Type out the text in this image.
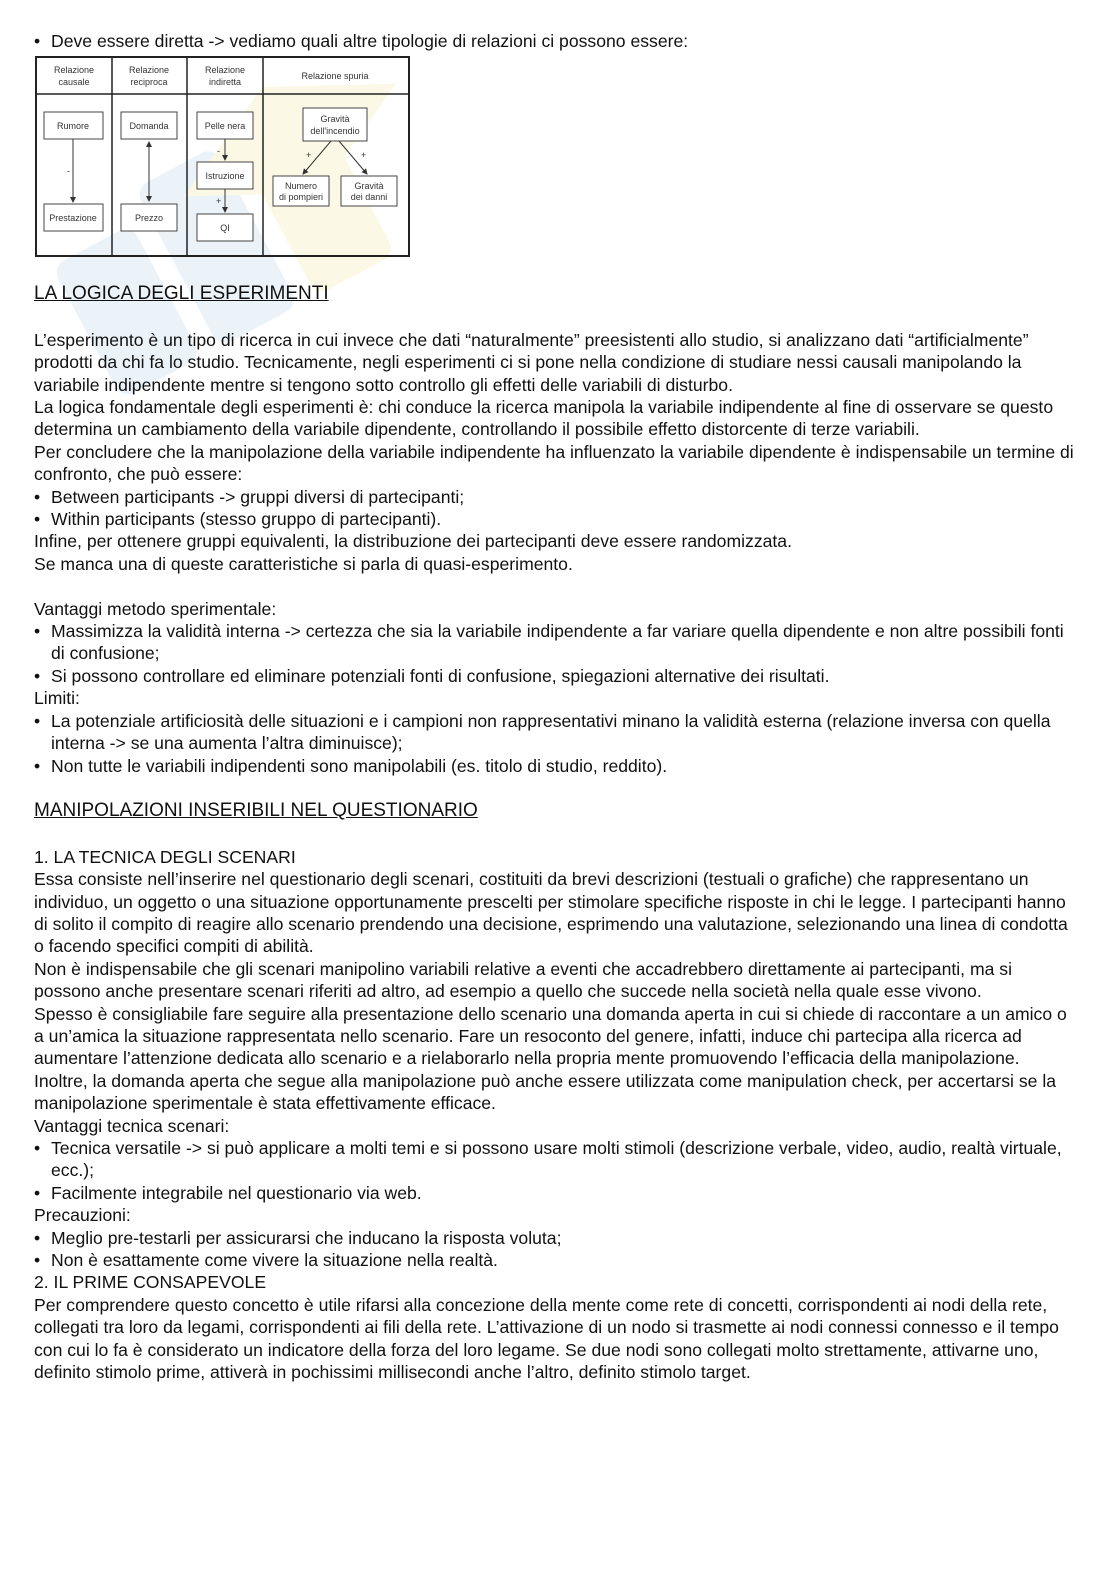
• Deve essere diretta -> vediamo quali altre tipologie di relazioni ci possono essere:

Relazione
causale
Relazione
reciproca
Relazione
indiretta
Relazione spuria
Rumore
-
Prestazione
Domanda
Prezzo
Pelle nera
-
Istruzione
+
QI
Gravità
dell'incendio
+	+
Numero
di pompieri
Gravità
dei danni

LA LOGICA DEGLI ESPERIMENTI

L’esperimento è un tipo di ricerca in cui invece che dati “naturalmente” preesistenti allo studio, si analizzano dati “artificialmente” prodotti da chi fa lo studio. Tecnicamente, negli esperimenti ci si pone nella condizione di studiare nessi causali manipolando la variabile indipendente mentre si tengono sotto controllo gli effetti delle variabili di disturbo.

La logica fondamentale degli esperimenti è: chi conduce la ricerca manipola la variabile indipendente al fine di osservare se questo determina un cambiamento della variabile dipendente, controllando il possibile effetto distorcente di terze variabili.

Per concludere che la manipolazione della variabile indipendente ha influenzato la variabile dipendente è indispensabile un termine di confronto, che può essere:

• Between participants -> gruppi diversi di partecipanti;

• Within participants (stesso gruppo di partecipanti).

Infine, per ottenere gruppi equivalenti, la distribuzione dei partecipanti deve essere randomizzata.

Se manca una di queste caratteristiche si parla di quasi-esperimento.

Vantaggi metodo sperimentale:

• Massimizza la validità interna -> certezza che sia la variabile indipendente a far variare quella dipendente e non altre possibili fonti di confusione;

• Si possono controllare ed eliminare potenziali fonti di confusione, spiegazioni alternative dei risultati.

Limiti:

• La potenziale artificiosità delle situazioni e i campioni non rappresentativi minano la validità esterna (relazione inversa con quella interna -> se una aumenta l’altra diminuisce);

• Non tutte le variabili indipendenti sono manipolabili (es. titolo di studio, reddito).

MANIPOLAZIONI INSERIBILI NEL QUESTIONARIO

1. LA TECNICA DEGLI SCENARI

Essa consiste nell’inserire nel questionario degli scenari, costituiti da brevi descrizioni (testuali o grafiche) che rappresentano un individuo, un oggetto o una situazione opportunamente prescelti per stimolare specifiche risposte in chi le legge. I partecipanti hanno di solito il compito di reagire allo scenario prendendo una decisione, esprimendo una valutazione, selezionando una linea di condotta o facendo specifici compiti di abilità.

Non è indispensabile che gli scenari manipolino variabili relative a eventi che accadrebbero direttamente ai partecipanti, ma si possono anche presentare scenari riferiti ad altro, ad esempio a quello che succede nella società nella quale esse vivono.

Spesso è consigliabile fare seguire alla presentazione dello scenario una domanda aperta in cui si chiede di raccontare a un amico o a un’amica la situazione rappresentata nello scenario. Fare un resoconto del genere, infatti, induce chi partecipa alla ricerca ad aumentare l’attenzione dedicata allo scenario e a rielaborarlo nella propria mente promuovendo l’efficacia della manipolazione. Inoltre, la domanda aperta che segue alla manipolazione può anche essere utilizzata come manipulation check, per accertarsi se la manipolazione sperimentale è stata effettivamente efficace.

Vantaggi tecnica scenari:

• Tecnica versatile -> si può applicare a molti temi e si possono usare molti stimoli (descrizione verbale, video, audio, realtà virtuale, ecc.);

• Facilmente integrabile nel questionario via web.

Precauzioni:

• Meglio pre-testarli per assicurarsi che inducano la risposta voluta;

• Non è esattamente come vivere la situazione nella realtà.

2. IL PRIME CONSAPEVOLE

Per comprendere questo concetto è utile rifarsi alla concezione della mente come rete di concetti, corrispondenti ai nodi della rete, collegati tra loro da legami, corrispondenti ai fili della rete. L’attivazione di un nodo si trasmette ai nodi connessi connesso e il tempo con cui lo fa è considerato un indicatore della forza del loro legame. Se due nodi sono collegati molto strettamente, attivarne uno, definito stimolo prime, attiverà in pochissimi millisecondi anche l’altro, definito stimolo target.
